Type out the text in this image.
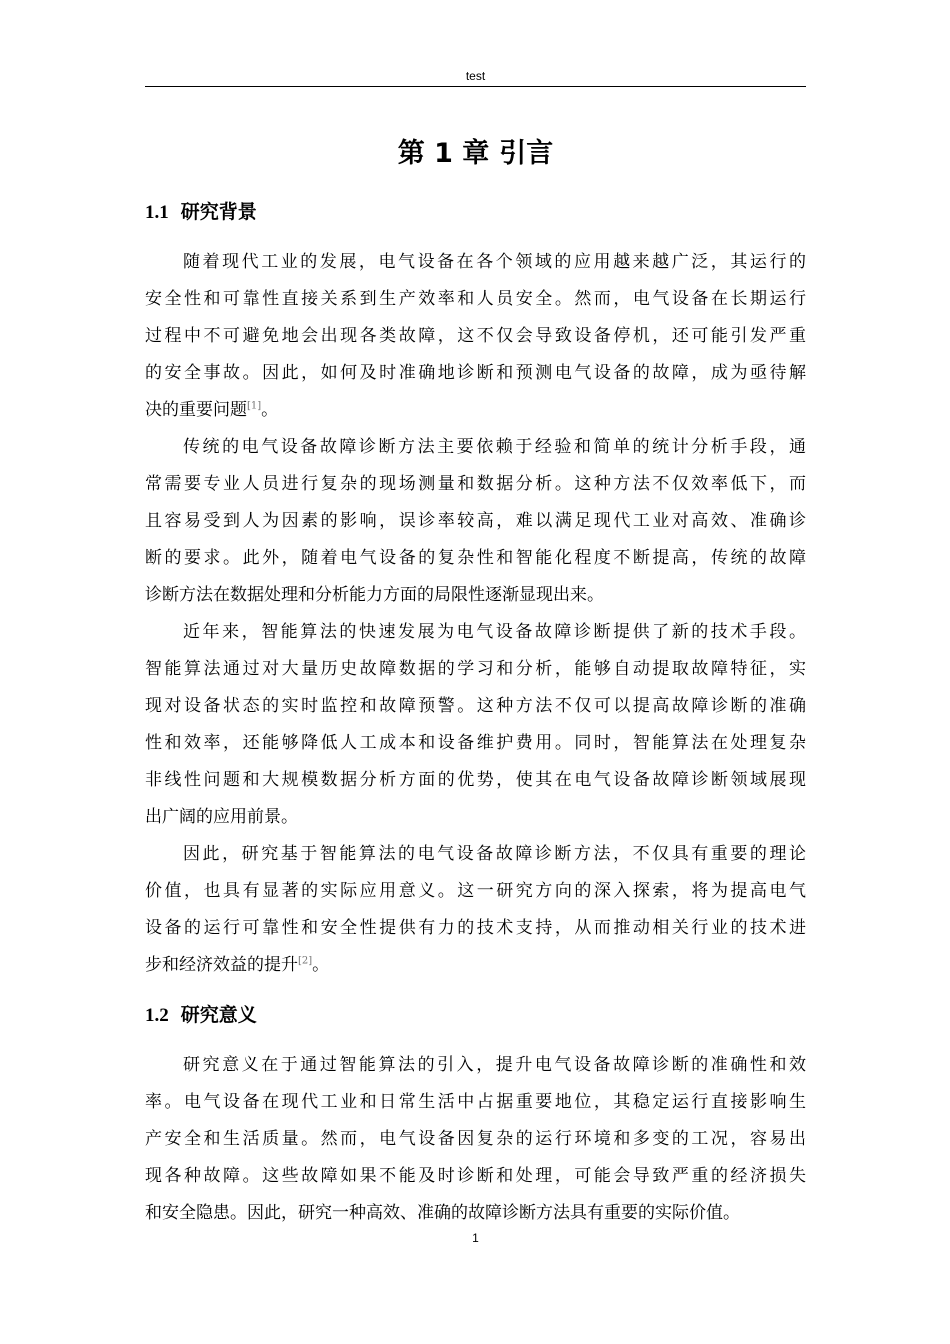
test
第 1 章 引言
1.1 研究背景
随着现代工业的发展，电气设备在各个领域的应用越来越广泛，其运行的
安全性和可靠性直接关系到生产效率和人员安全。然而，电气设备在长期运行
过程中不可避免地会出现各类故障，这不仅会导致设备停机，还可能引发严重
的安全事故。因此，如何及时准确地诊断和预测电气设备的故障，成为亟待解
决的重要问题[1]。
传统的电气设备故障诊断方法主要依赖于经验和简单的统计分析手段，通
常需要专业人员进行复杂的现场测量和数据分析。这种方法不仅效率低下，而
且容易受到人为因素的影响，误诊率较高，难以满足现代工业对高效、准确诊
断的要求。此外，随着电气设备的复杂性和智能化程度不断提高，传统的故障
诊断方法在数据处理和分析能力方面的局限性逐渐显现出来。
近年来，智能算法的快速发展为电气设备故障诊断提供了新的技术手段。
智能算法通过对大量历史故障数据的学习和分析，能够自动提取故障特征，实
现对设备状态的实时监控和故障预警。这种方法不仅可以提高故障诊断的准确
性和效率，还能够降低人工成本和设备维护费用。同时，智能算法在处理复杂
非线性问题和大规模数据分析方面的优势，使其在电气设备故障诊断领域展现
出广阔的应用前景。
因此，研究基于智能算法的电气设备故障诊断方法，不仅具有重要的理论
价值，也具有显著的实际应用意义。这一研究方向的深入探索，将为提高电气
设备的运行可靠性和安全性提供有力的技术支持，从而推动相关行业的技术进
步和经济效益的提升[2]。
1.2 研究意义
研究意义在于通过智能算法的引入，提升电气设备故障诊断的准确性和效
率。电气设备在现代工业和日常生活中占据重要地位，其稳定运行直接影响生
产安全和生活质量。然而，电气设备因复杂的运行环境和多变的工况，容易出
现各种故障。这些故障如果不能及时诊断和处理，可能会导致严重的经济损失
和安全隐患。因此，研究一种高效、准确的故障诊断方法具有重要的实际价值。
1
